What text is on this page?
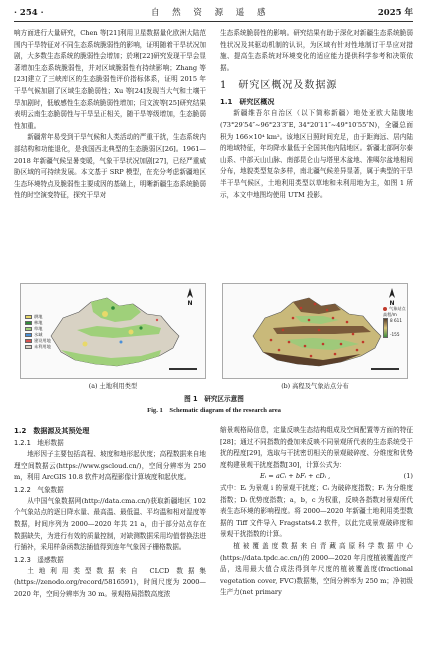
· 254 ·	自 然 资 源 遥 感	2025 年

响方面进行大量研究，Chen 等[21]利用卫星数据量化欧洲大陆范围内干旱特征对不同生态系统脆弱性的影响，证明随着干旱状况加剧，大多数生态系统的脆弱性会增加；於琍[22]研究发现干旱会显著增加生态系统脆弱性，并对区域脆弱性有持续影响；Zhang 等[23]建立了三峡库区的生态脆弱性评价指标体系，证明 2015 年干旱气候加剧了区域生态脆弱性；Xu 等[24]发现当大气和土壤干旱加剧时，低敏感性生态系统脆弱性增加；闫文波等[25]研究结果表明云南生态脆弱性与干旱呈正相关，随干旱等级增加，生态脆弱性加重。

新疆常年易受到干旱气候和人类活动的严重干扰，生态系统内部结构和功能退化，是我国西北典型的生态脆弱区[26]。1961—2018 年新疆气候呈暑变暖，气象干旱状况加剧[27]，已经严重威胁区域的可持续发展。本文基于 SRP 模型，在充分考虑新疆地区生态环境特点及脆弱性主要成因的基础上，明晰新疆生态系统脆弱性的时空演变特征，探究干旱对

生态系统脆弱性的影响。研究结果有助于深化对新疆生态系统脆弱性状况及其驱动机制的认识，为区域有针对性地制订干旱应对措施、提高生态系统对环境变化的适应能力提供科学参考和决策依据。

1　研究区概况及数据源
1.1　研究区概况

新疆维吾尔自治区（以下简称新疆）地处亚欧大陆腹地(73°29′54″~96°23′3″E, 34°20′11″~49°10′55″N)，全疆总面积为 166×10⁴ km²。该地区日照时间充足，由于距海远、居内陆的地域特征，年均降水量低于全国其他内陆地区。新疆北部阿尔泰山系、中部天山山脉、南部昆仑山与塔里木盆地、准噶尔盆地相间分布，地貌类型复杂多样，南北疆气候差异显著，属于典型的干旱半干旱气候区，土地利用类型以草地和未利用地为主，如图 1 所示，本文中地图均使用 UTM 投影。

N
耕地
林地
草地
水域
建设用地
未利用地
N
气象站点
高程/m
8 611
-155
(a) 土地利用类型	(b) 高程及气象站点分布
图 1　研究区示意图
Fig. 1　Schematic diagram of the research area
1.2　数据源及其预处理
1.2.1　地形数据

地形因子主要包括高程、坡度和地形起伏度；高程数据来自地理空间数据云(https://www.gscloud.cn/)，空间分辨率为 250 m，利用 ArcGIS 10.8 软件对高程影像计算坡度和起伏度。

1.2.2　气象数据

从中国气象数据网(http://data.cma.cn/)获取新疆地区 102 个气象站点的逐日降水量、最高温、最低温、平均温和相对湿度等数据，时间序列为 2000—2020 年共 21 a，由于部分站点存在数据缺失，为进行有效的质量控制，对缺测数据采用均值替换法进行插补，采用样条函数法插值得到连年气象因子栅格数据。

1.2.3　遥感数据

土地利用类型数据来自 CLCD 数据集(https://zenodo.org/record/5816591)，时间尺度为 2000—2020 年，空间分辨率为 30 m。景观格局指数高度浓

缩景观格局信息，定量反映生态结构组成及空间配置等方面的特征[28]；通过不同指数的叠加来反映不同景观所代表的生态系统受干扰的程度[29]，选取与干扰密切相关的景观破碎度、分维度和优势度构建景观干扰度指数[30]，计算公式为：

Eᵢ = aCᵢ + bFᵢ + cDᵢ ,	(1)

式中：Eᵢ 为景观 i 的景观干扰度；Cᵢ 为破碎度指数；Fᵢ 为分维度指数；Dᵢ 优势度指数；a，b，c 为权重，反映各指数对景观所代表生态环境的影响程度。将 2000—2020 年新疆土地利用类型数据的 Tiff 文件导入 Fragstats4.2 软件，以此完成景观破碎度和景观干扰指数的计算。

植被覆盖度数据来自青藏高原科学数据中心(https://data.tpdc.ac.cn/)的 2000—2020 年月度植被覆盖度产品，选用最大值合成法得到年尺度的植被覆盖度(fractional vegetation cover, FVC)数据集，空间分辨率为 250 m；净初级生产力(net primary
